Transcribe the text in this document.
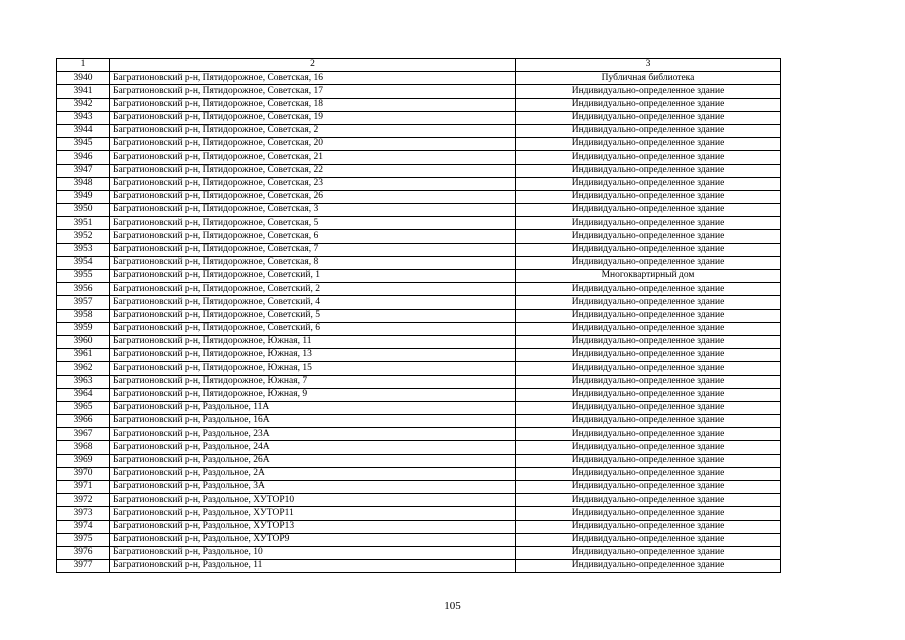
1	2	3
3940	Багратионовский р-н, Пятидорожное, Советская, 16	Публичная библиотека
3941	Багратионовский р-н, Пятидорожное, Советская, 17	Индивидуально-определенное здание
3942	Багратионовский р-н, Пятидорожное, Советская, 18	Индивидуально-определенное здание
3943	Багратионовский р-н, Пятидорожное, Советская, 19	Индивидуально-определенное здание
3944	Багратионовский р-н, Пятидорожное, Советская, 2	Индивидуально-определенное здание
3945	Багратионовский р-н, Пятидорожное, Советская, 20	Индивидуально-определенное здание
3946	Багратионовский р-н, Пятидорожное, Советская, 21	Индивидуально-определенное здание
3947	Багратионовский р-н, Пятидорожное, Советская, 22	Индивидуально-определенное здание
3948	Багратионовский р-н, Пятидорожное, Советская, 23	Индивидуально-определенное здание
3949	Багратионовский р-н, Пятидорожное, Советская, 26	Индивидуально-определенное здание
3950	Багратионовский р-н, Пятидорожное, Советская, 3	Индивидуально-определенное здание
3951	Багратионовский р-н, Пятидорожное, Советская, 5	Индивидуально-определенное здание
3952	Багратионовский р-н, Пятидорожное, Советская, 6	Индивидуально-определенное здание
3953	Багратионовский р-н, Пятидорожное, Советская, 7	Индивидуально-определенное здание
3954	Багратионовский р-н, Пятидорожное, Советская, 8	Индивидуально-определенное здание
3955	Багратионовский р-н, Пятидорожное, Советский, 1	Многоквартирный дом
3956	Багратионовский р-н, Пятидорожное, Советский, 2	Индивидуально-определенное здание
3957	Багратионовский р-н, Пятидорожное, Советский, 4	Индивидуально-определенное здание
3958	Багратионовский р-н, Пятидорожное, Советский, 5	Индивидуально-определенное здание
3959	Багратионовский р-н, Пятидорожное, Советский, 6	Индивидуально-определенное здание
3960	Багратионовский р-н, Пятидорожное, Южная, 11	Индивидуально-определенное здание
3961	Багратионовский р-н, Пятидорожное, Южная, 13	Индивидуально-определенное здание
3962	Багратионовский р-н, Пятидорожное, Южная, 15	Индивидуально-определенное здание
3963	Багратионовский р-н, Пятидорожное, Южная, 7	Индивидуально-определенное здание
3964	Багратионовский р-н, Пятидорожное, Южная, 9	Индивидуально-определенное здание
3965	Багратионовский р-н, Раздольное, 11А	Индивидуально-определенное здание
3966	Багратионовский р-н, Раздольное, 16А	Индивидуально-определенное здание
3967	Багратионовский р-н, Раздольное, 23А	Индивидуально-определенное здание
3968	Багратионовский р-н, Раздольное, 24А	Индивидуально-определенное здание
3969	Багратионовский р-н, Раздольное, 26А	Индивидуально-определенное здание
3970	Багратионовский р-н, Раздольное, 2А	Индивидуально-определенное здание
3971	Багратионовский р-н, Раздольное, 3А	Индивидуально-определенное здание
3972	Багратионовский р-н, Раздольное, ХУТОР10	Индивидуально-определенное здание
3973	Багратионовский р-н, Раздольное, ХУТОР11	Индивидуально-определенное здание
3974	Багратионовский р-н, Раздольное, ХУТОР13	Индивидуально-определенное здание
3975	Багратионовский р-н, Раздольное, ХУТОР9	Индивидуально-определенное здание
3976	Багратионовский р-н, Раздольное, 10	Индивидуально-определенное здание
3977	Багратионовский р-н, Раздольное, 11	Индивидуально-определенное здание
105
